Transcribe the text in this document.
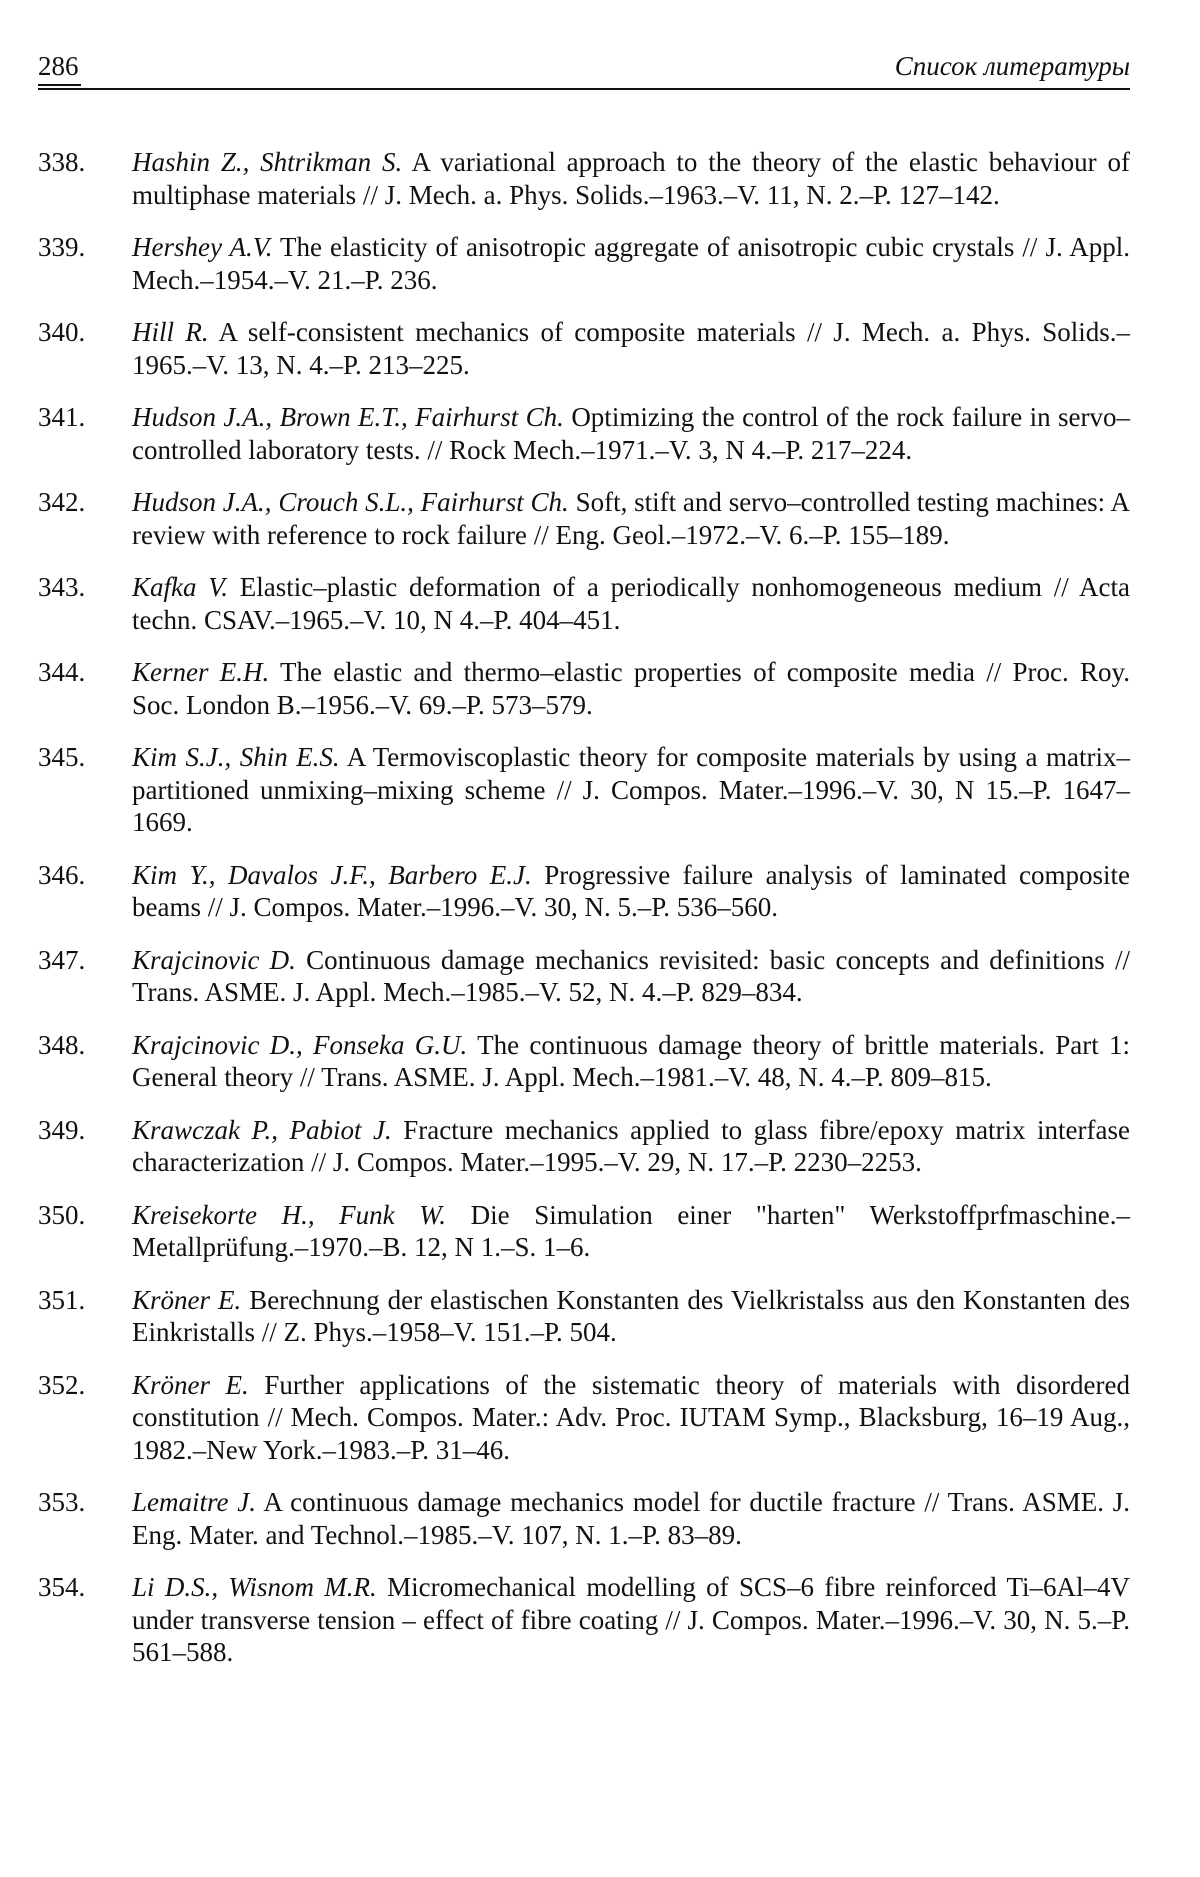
286	Список литературы
338.	Hashin Z., Shtrikman S. A variational approach to the theory of the elastic behaviour of multiphase materials // J. Mech. a. Phys. Solids.–1963.–V. 11, N. 2.–P. 127–142.
339.	Hershey A.V. The elasticity of anisotropic aggregate of anisotropic cubic crystals // J. Appl. Mech.–1954.–V. 21.–P. 236.
340.	Hill R. A self-consistent mechanics of composite materials // J. Mech. a. Phys. Solids.–1965.–V. 13, N. 4.–P. 213–225.
341.	Hudson J.A., Brown E.T., Fairhurst Ch. Optimizing the control of the rock failure in servo–controlled laboratory tests. // Rock Mech.–1971.–V. 3, N 4.–P. 217–224.
342.	Hudson J.A., Crouch S.L., Fairhurst Ch. Soft, stift and servo–controlled testing machines: A review with reference to rock failure // Eng. Geol.–1972.–V. 6.–P. 155–189.
343.	Kafka V. Elastic–plastic deformation of a periodically nonhomogeneous medium // Acta techn. CSAV.–1965.–V. 10, N 4.–P. 404–451.
344.	Kerner E.H. The elastic and thermo–elastic properties of composite media // Proc. Roy. Soc. London B.–1956.–V. 69.–P. 573–579.
345.	Kim S.J., Shin E.S. A Termoviscoplastic theory for composite materials by using a matrix–partitioned unmixing–mixing scheme // J. Compos. Mater.–1996.–V. 30, N 15.–P. 1647–1669.
346.	Kim Y., Davalos J.F., Barbero E.J. Progressive failure analysis of laminated composite beams // J. Compos. Mater.–1996.–V. 30, N. 5.–P. 536–560.
347.	Krajcinovic D. Continuous damage mechanics revisited: basic concepts and definitions // Trans. ASME. J. Appl. Mech.–1985.–V. 52, N. 4.–P. 829–834.
348.	Krajcinovic D., Fonseka G.U. The continuous damage theory of brittle materials. Part 1: General theory // Trans. ASME. J. Appl. Mech.–1981.–V. 48, N. 4.–P. 809–815.
349.	Krawczak P., Pabiot J. Fracture mechanics applied to glass fibre/epoxy matrix interfase characterization // J. Compos. Mater.–1995.–V. 29, N. 17.–P. 2230–2253.
350.	Kreisekorte H., Funk W. Die Simulation einer "harten" Werkstoffprfmaschine.–Metallprüfung.–1970.–B. 12, N 1.–S. 1–6.
351.	Kröner E. Berechnung der elastischen Konstanten des Vielkristalss aus den Konstanten des Einkristalls // Z. Phys.–1958–V. 151.–P. 504.
352.	Kröner E. Further applications of the sistematic theory of materials with disordered constitution // Mech. Compos. Mater.: Adv. Proc. IUTAM Symp., Blacksburg, 16–19 Aug., 1982.–New York.–1983.–P. 31–46.
353.	Lemaitre J. A continuous damage mechanics model for ductile fracture // Trans. ASME. J. Eng. Mater. and Technol.–1985.–V. 107, N. 1.–P. 83–89.
354.	Li D.S., Wisnom M.R. Micromechanical modelling of SCS–6 fibre reinforced Ti–6Al–4V under transverse tension – effect of fibre coating // J. Compos. Mater.–1996.–V. 30, N. 5.–P. 561–588.
